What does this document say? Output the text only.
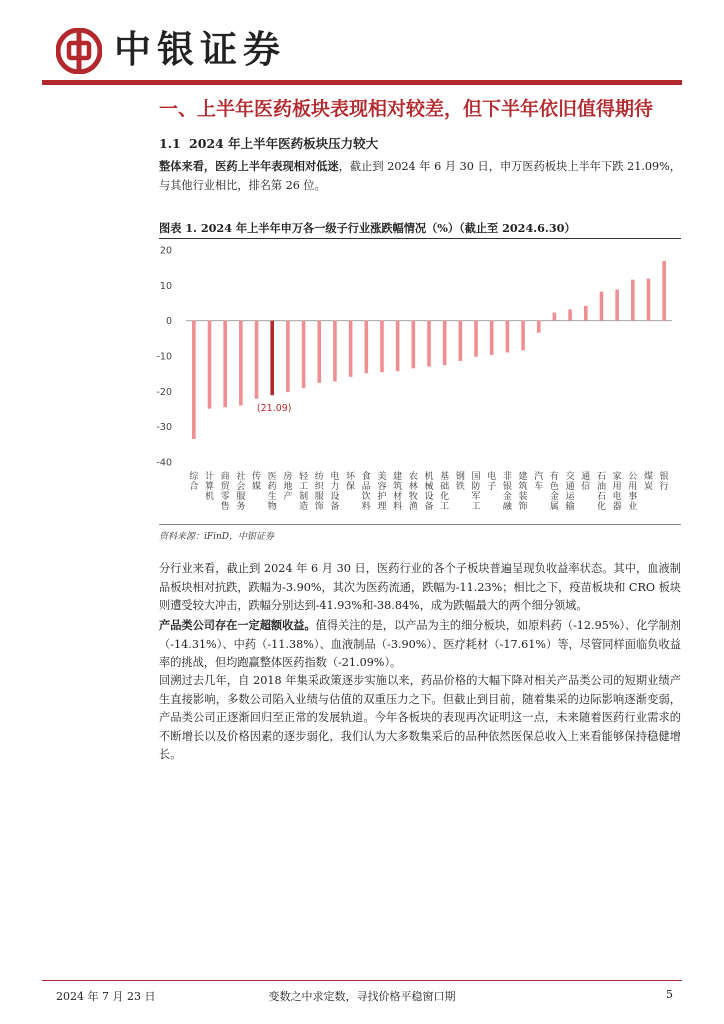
中银证券
一、上半年医药板块表现相对较差，但下半年依旧值得期待
1.1 2024 年上半年医药板块压力较大
整体来看，医药上半年表现相对低迷，截止到 2024 年 6 月 30 日，申万医药板块上半年下跌 21.09%，与其他行业相比，排名第 26 位。
图表 1. 2024 年上半年申万各一级子行业涨跌幅情况（%）（截止至 2024.6.30）
20
10
0
-10
-20
-30
-40
(21.09)
综合
计算机
商贸零售
社会服务
传媒
医药生物
房地产
轻工制造
纺织服饰
电力设备
环保
食品饮料
美容护理
建筑材料
农林牧渔
机械设备
基础化工
钢铁
国防军工
电子
非银金融
建筑装饰
汽车
有色金属
交通运输
通信
石油石化
家用电器
公用事业
煤炭
银行
资料来源：iFinD，中银证券
分行业来看，截止到 2024 年 6 月 30 日，医药行业的各个子板块普遍呈现负收益率状态。其中，血液制品板块相对抗跌，跌幅为-3.90%，其次为医药流通，跌幅为-11.23%；相比之下，疫苗板块和 CRO 板块则遭受较大冲击，跌幅分别达到-41.93%和-38.84%，成为跌幅最大的两个细分领域。
产品类公司存在一定超额收益。值得关注的是，以产品为主的细分板块，如原料药（-12.95%）、化学制剂（-14.31%）、中药（-11.38%）、血液制品（-3.90%）、医疗耗材（-17.61%）等，尽管同样面临负收益率的挑战，但均跑赢整体医药指数（-21.09%）。
回溯过去几年，自 2018 年集采政策逐步实施以来，药品价格的大幅下降对相关产品类公司的短期业绩产生直接影响，多数公司陷入业绩与估值的双重压力之下。但截止到目前，随着集采的边际影响逐渐变弱，产品类公司正逐渐回归至正常的发展轨道。今年各板块的表现再次证明这一点，未来随着医药行业需求的不断增长以及价格因素的逐步弱化，我们认为大多数集采后的品种依然医保总收入上来看能够保持稳健增长。
2024 年 7 月 23 日	变数之中求定数，寻找价格平稳窗口期	5
